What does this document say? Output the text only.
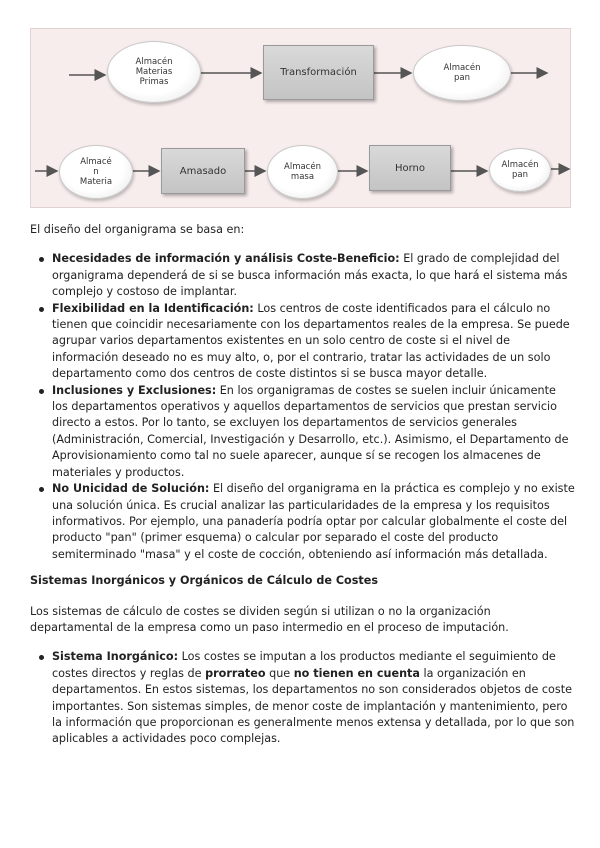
Almacén
Materias
Primas
Transformación	Almacén
pan
Almacé
n
Materia
Amasado	Almacén
masa
Horno	Almacén
pan

El diseño del organigrama se basa en:

Necesidades de información y análisis Coste-Beneficio: El grado de complejidad del organigrama dependerá de si se busca información más exacta, lo que hará el sistema más complejo y costoso de implantar.
Flexibilidad en la Identificación: Los centros de coste identificados para el cálculo no tienen que coincidir necesariamente con los departamentos reales de la empresa. Se puede agrupar varios departamentos existentes en un solo centro de coste si el nivel de información deseado no es muy alto, o, por el contrario, tratar las actividades de un solo departamento como dos centros de coste distintos si se busca mayor detalle.
Inclusiones y Exclusiones: En los organigramas de costes se suelen incluir únicamente los departamentos operativos y aquellos departamentos de servicios que prestan servicio directo a estos. Por lo tanto, se excluyen los departamentos de servicios generales (Administración, Comercial, Investigación y Desarrollo, etc.). Asimismo, el Departamento de Aprovisionamiento como tal no suele aparecer, aunque sí se recogen los almacenes de materiales y productos.
No Unicidad de Solución: El diseño del organigrama en la práctica es complejo y no existe una solución única. Es crucial analizar las particularidades de la empresa y los requisitos informativos. Por ejemplo, una panadería podría optar por calcular globalmente el coste del producto "pan" (primer esquema) o calcular por separado el coste del producto semiterminado "masa" y el coste de cocción, obteniendo así información más detallada.

Sistemas Inorgánicos y Orgánicos de Cálculo de Costes

Los sistemas de cálculo de costes se dividen según si utilizan o no la organización departamental de la empresa como un paso intermedio en el proceso de imputación.

Sistema Inorgánico: Los costes se imputan a los productos mediante el seguimiento de costes directos y reglas de prorrateo que no tienen en cuenta la organización en departamentos. En estos sistemas, los departamentos no son considerados objetos de coste importantes. Son sistemas simples, de menor coste de implantación y mantenimiento, pero la información que proporcionan es generalmente menos extensa y detallada, por lo que son aplicables a actividades poco complejas.
